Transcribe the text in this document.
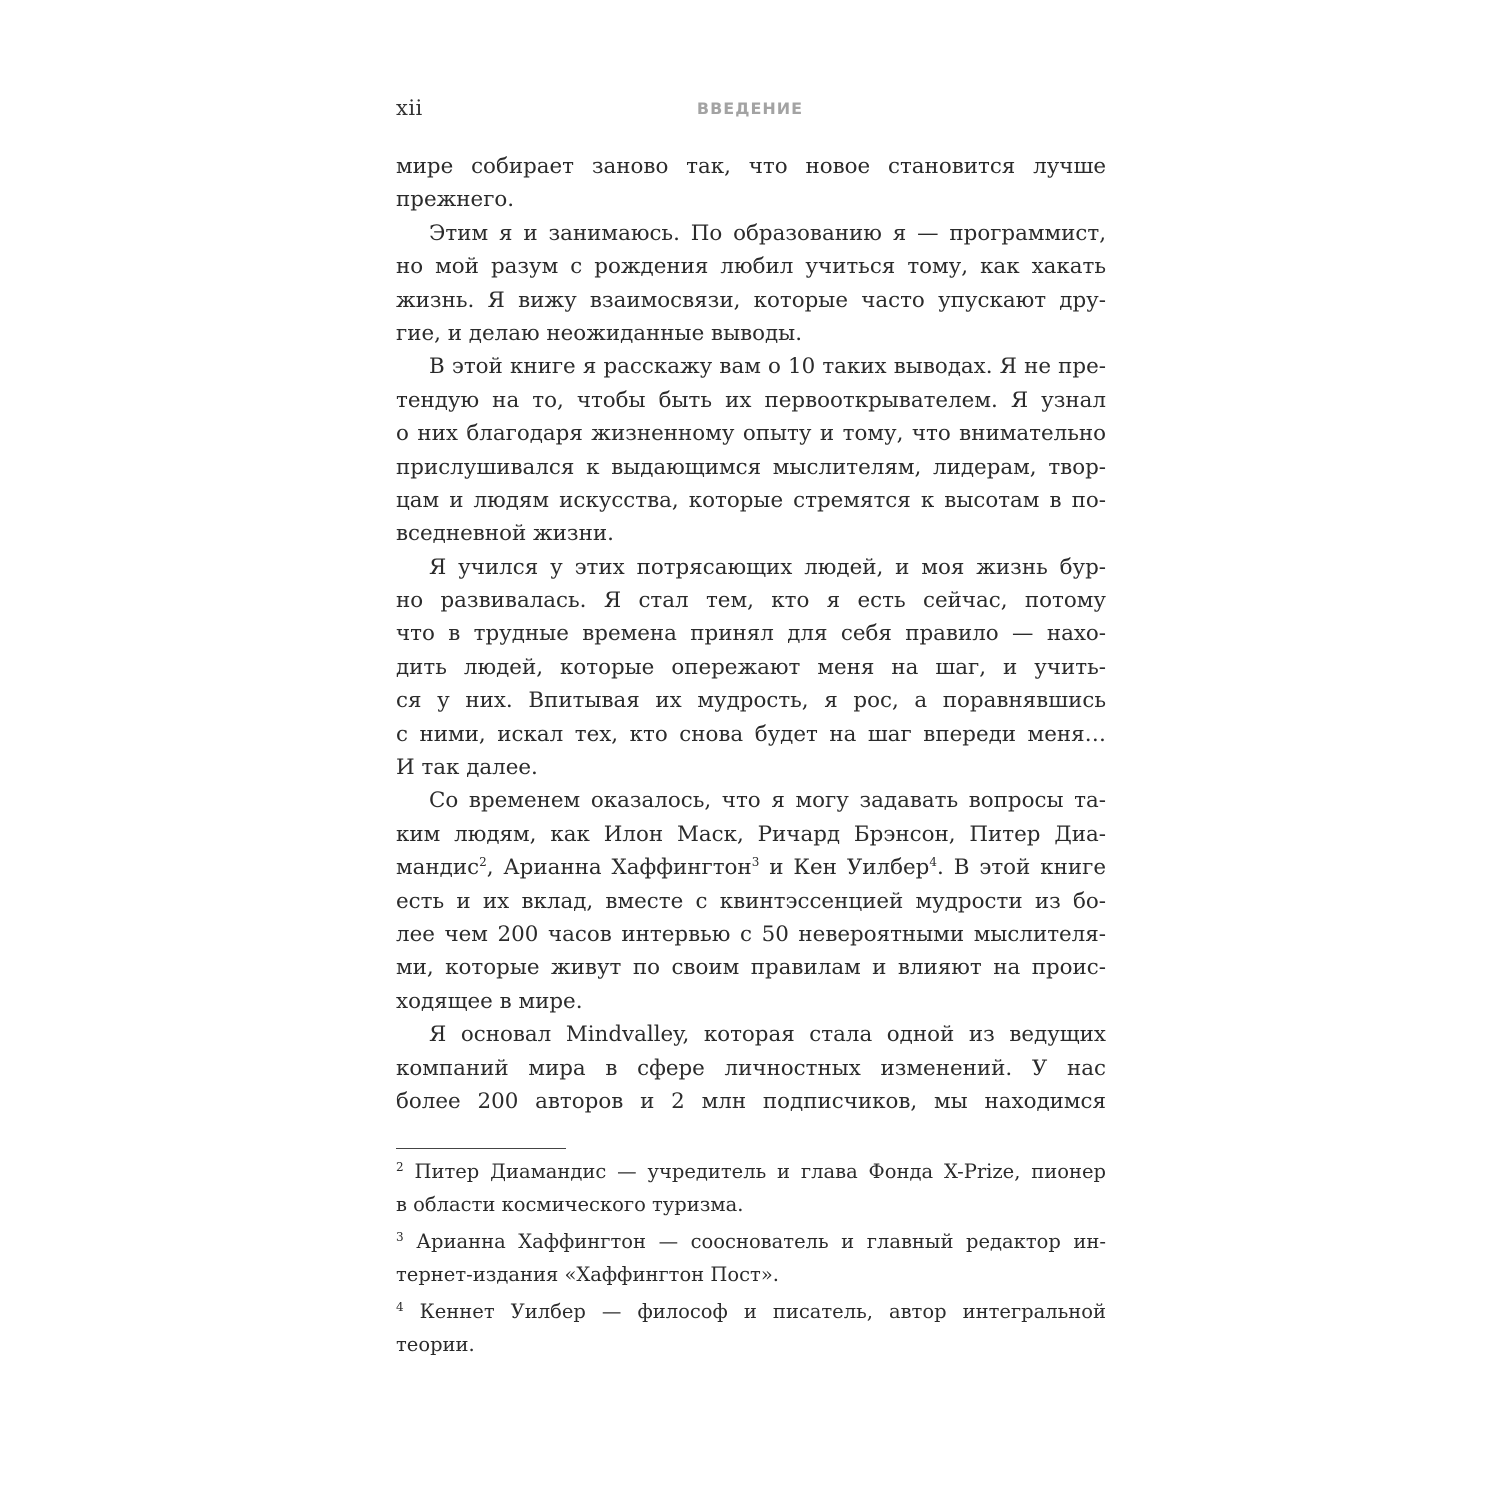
xii	ВВЕДЕНИЕ
мире собирает заново так, что новое становится лучше
прежнего.
Этим я и занимаюсь. По образованию я — программист,
но мой разум с рождения любил учиться тому, как хакать
жизнь. Я вижу взаимосвязи, которые часто упускают дру-
гие, и делаю неожиданные выводы.
В этой книге я расскажу вам о 10 таких выводах. Я не пре-
тендую на то, чтобы быть их первооткрывателем. Я узнал
о них благодаря жизненному опыту и тому, что внимательно
прислушивался к выдающимся мыслителям, лидерам, твор-
цам и людям искусства, которые стремятся к высотам в по-
вседневной жизни.
Я учился у этих потрясающих людей, и моя жизнь бур-
но развивалась. Я стал тем, кто я есть сейчас, потому
что в трудные времена принял для себя правило — нахо-
дить людей, которые опережают меня на шаг, и учить-
ся у них. Впитывая их мудрость, я рос, а поравнявшись
с ними, искал тех, кто снова будет на шаг впереди меня…
И так далее.
Со временем оказалось, что я могу задавать вопросы та-
ким людям, как Илон Маск, Ричард Брэнсон, Питер Диа-
мандис$^2$, Арианна Хаффингтон$^3$ и Кен Уилбер$^4$. В этой книге
есть и их вклад, вместе с квинтэссенцией мудрости из бо-
лее чем 200 часов интервью с 50 невероятными мыслителя-
ми, которые живут по своим правилам и влияют на проис-
ходящее в мире.
Я основал Mindvalley, которая стала одной из ведущих
компаний мира в сфере личностных изменений. У нас
более 200 авторов и 2 млн подписчиков, мы находимся
$^2$ Питер Диамандис — учредитель и глава Фонда X-Prize, пионер
в области космического туризма.
$^3$ Арианна Хаффингтон — сооснователь и главный редактор ин-
тернет-издания «Хаффингтон Пост».
$^4$ Кеннет Уилбер — философ и писатель, автор интегральной
теории.
